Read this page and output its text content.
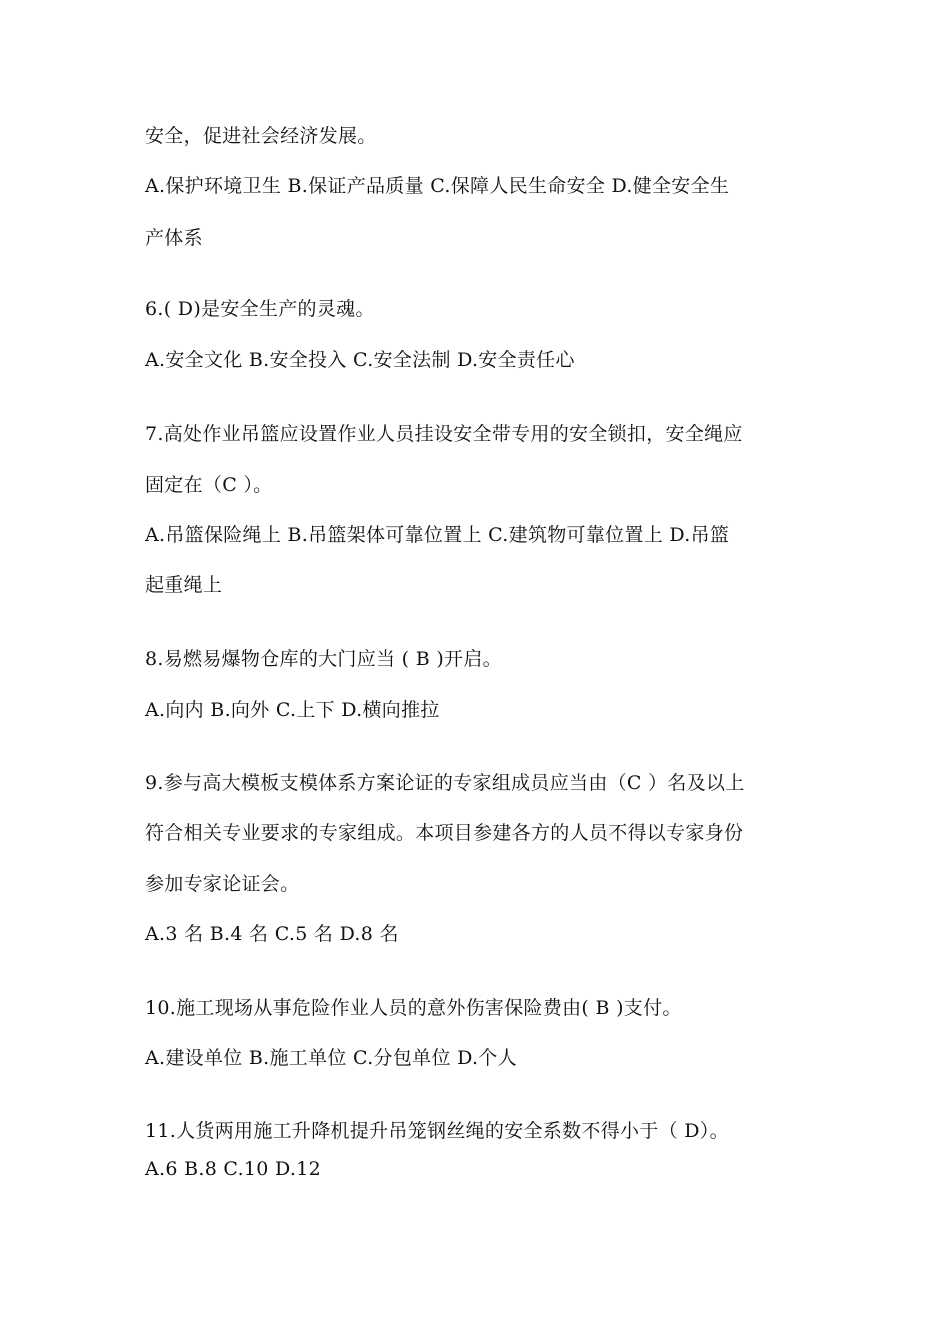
安全，促进社会经济发展。
A.保护环境卫生 B.保证产品质量 C.保障人民生命安全 D.健全安全生
产体系
6.( D)是安全生产的灵魂。
A.安全文化 B.安全投入 C.安全法制 D.安全责任心
7.高处作业吊篮应设置作业人员挂设安全带专用的安全锁扣，安全绳应
固定在（C ）。
A.吊篮保险绳上 B.吊篮架体可靠位置上 C.建筑物可靠位置上 D.吊篮
起重绳上
8.易燃易爆物仓库的大门应当 ( B )开启。
A.向内 B.向外 C.上下 D.横向推拉
9.参与高大模板支模体系方案论证的专家组成员应当由（C ）名及以上
符合相关专业要求的专家组成。本项目参建各方的人员不得以专家身份
参加专家论证会。
A.3 名 B.4 名 C.5 名 D.8 名
10.施工现场从事危险作业人员的意外伤害保险费由( B )支付。
A.建设单位 B.施工单位 C.分包单位 D.个人
11.人货两用施工升降机提升吊笼钢丝绳的安全系数不得小于（ D）。
A.6 B.8 C.10 D.12
